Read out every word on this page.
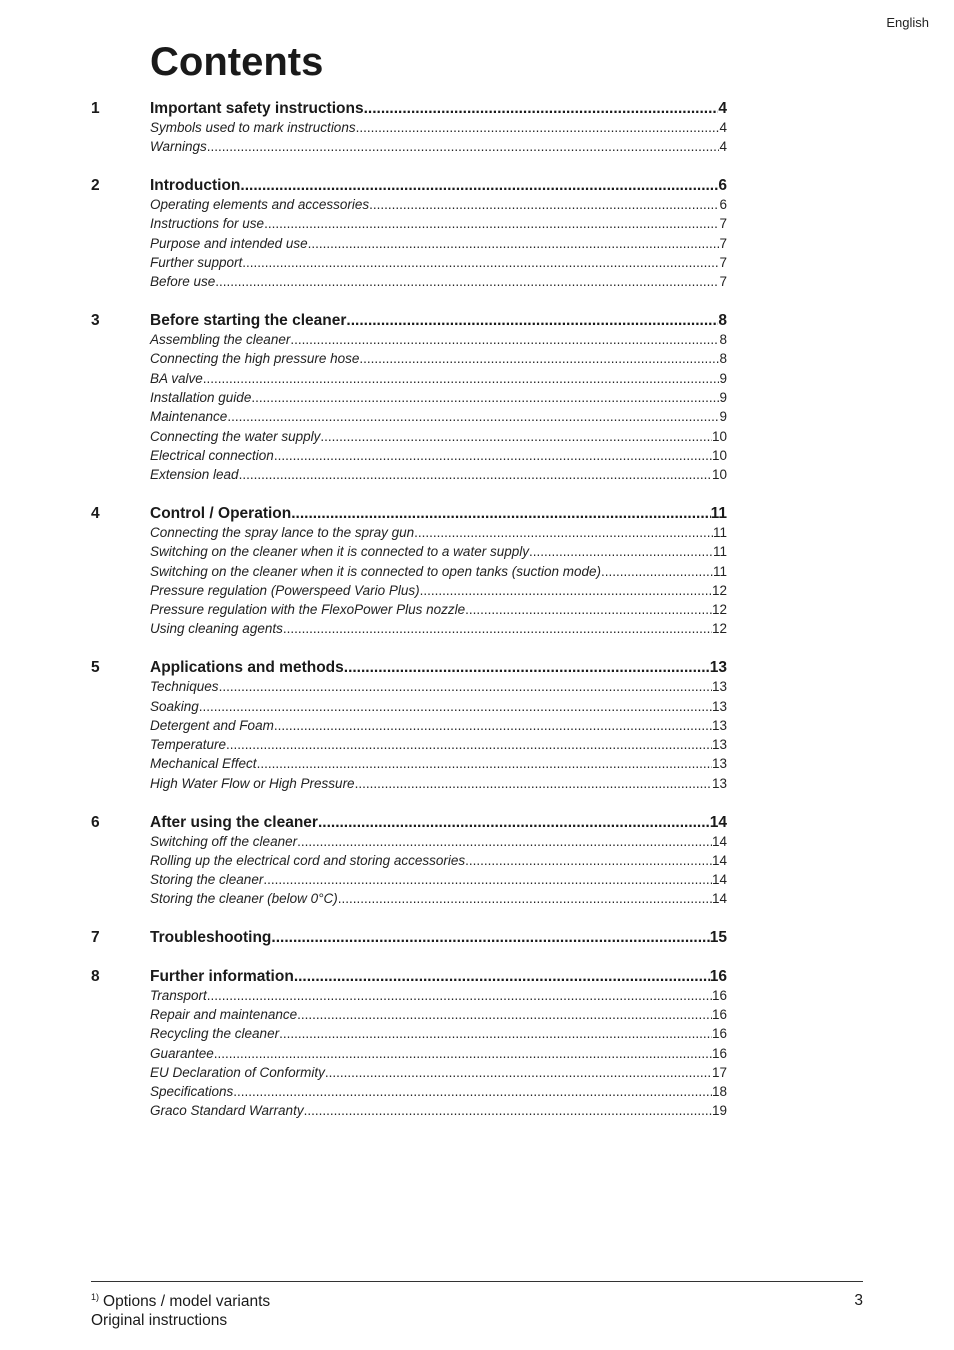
English
Contents
1	Important safety instructions .....	4
Symbols used to mark instructions .....	4
Warnings .....	4
2	Introduction .....	6
Operating elements and accessories .....	6
Instructions for use .....	7
Purpose and intended use .....	7
Further support .....	7
Before use .....	7
3	Before starting the cleaner .....	8
Assembling the cleaner .....	8
Connecting the high pressure hose .....	8
BA valve .....	9
Installation guide .....	9
Maintenance .....	9
Connecting the water supply .....	10
Electrical connection .....	10
Extension lead .....	10
4	Control / Operation .....	11
Connecting the spray lance to the spray gun .....	11
Switching on the cleaner when it is connected to a water supply .....	11
Switching on the cleaner when it is connected to open tanks (suction mode) .....	11
Pressure regulation (Powerspeed Vario Plus) .....	12
Pressure regulation with the FlexoPower Plus nozzle .....	12
Using cleaning agents .....	12
5	Applications and methods .....	13
Techniques .....	13
Soaking .....	13
Detergent and Foam .....	13
Temperature .....	13
Mechanical Effect .....	13
High Water Flow or High Pressure .....	13
6	After using the cleaner .....	14
Switching off the cleaner .....	14
Rolling up the electrical cord and storing accessories .....	14
Storing the cleaner .....	14
Storing the cleaner (below 0°C) .....	14
7	Troubleshooting .....	15
8	Further information .....	16
Transport .....	16
Repair and maintenance .....	16
Recycling the cleaner .....	16
Guarantee .....	16
EU Declaration of Conformity .....	17
Specifications .....	18
Graco Standard Warranty .....	19
$^{1)}$ Options / model variants
Original instructions
3
